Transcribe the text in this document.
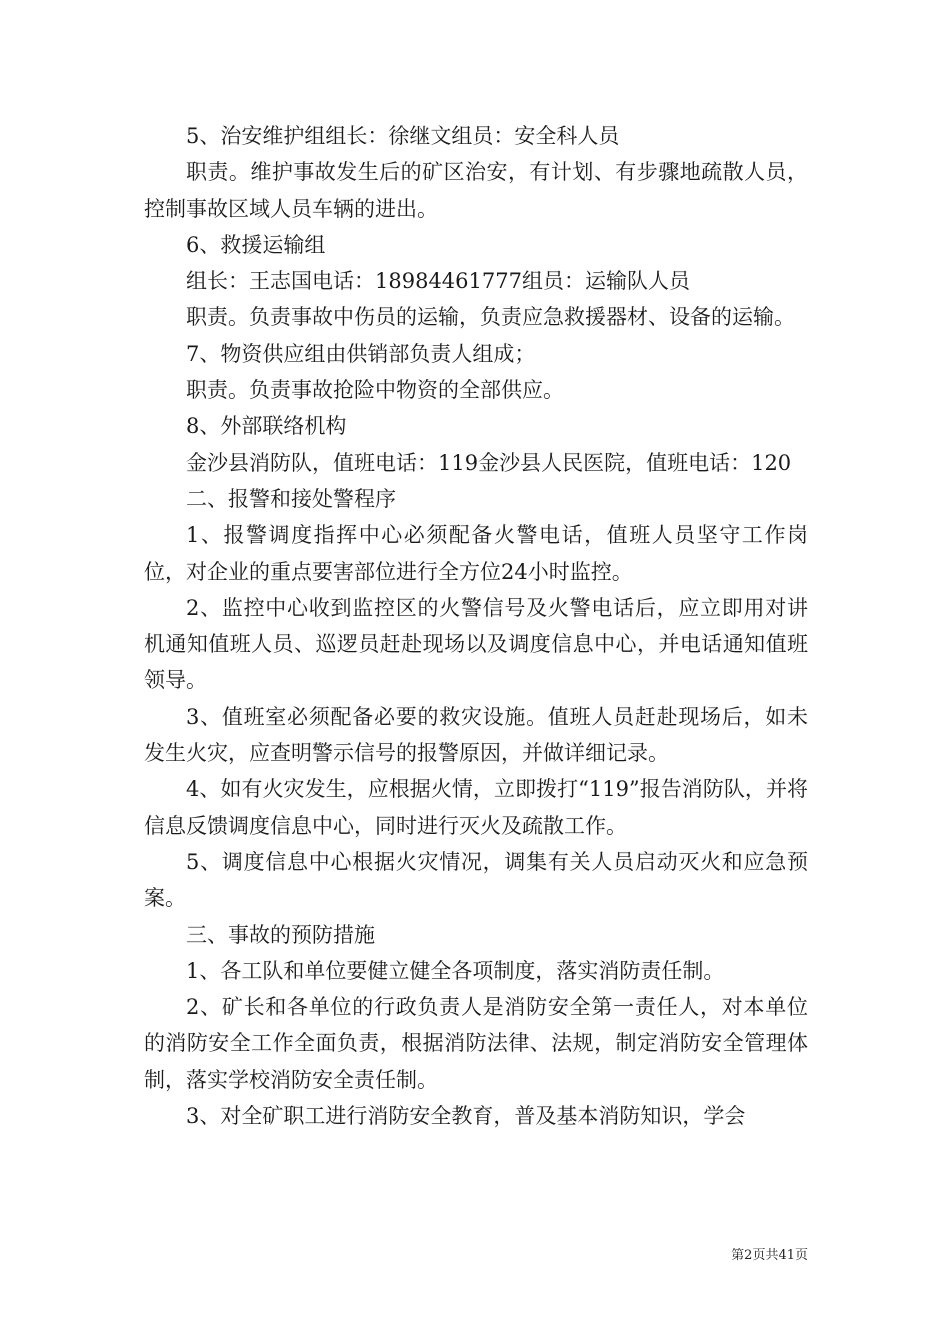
5、治安维护组组长：徐继文组员：安全科人员

职责。维护事故发生后的矿区治安，有计划、有步骤地疏散人员，控制事故区域人员车辆的进出。

6、救援运输组

组长：王志国电话：18984461777组员：运输队人员

职责。负责事故中伤员的运输，负责应急救援器材、设备的运输。

7、物资供应组由供销部负责人组成；

职责。负责事故抢险中物资的全部供应。

8、外部联络机构

金沙县消防队，值班电话：119金沙县人民医院，值班电话：120

二、报警和接处警程序

1、报警调度指挥中心必须配备火警电话，值班人员坚守工作岗位，对企业的重点要害部位进行全方位24小时监控。

2、监控中心收到监控区的火警信号及火警电话后，应立即用对讲机通知值班人员、巡逻员赶赴现场以及调度信息中心，并电话通知值班领导。

3、值班室必须配备必要的救灾设施。值班人员赶赴现场后，如未发生火灾，应查明警示信号的报警原因，并做详细记录。

4、如有火灾发生，应根据火情，立即拨打“119”报告消防队，并将信息反馈调度信息中心，同时进行灭火及疏散工作。

5、调度信息中心根据火灾情况，调集有关人员启动灭火和应急预案。

三、事故的预防措施

1、各工队和单位要健立健全各项制度，落实消防责任制。

2、矿长和各单位的行政负责人是消防安全第一责任人，对本单位的消防安全工作全面负责，根据消防法律、法规，制定消防安全管理体制，落实学校消防安全责任制。

3、对全矿职工进行消防安全教育，普及基本消防知识，学会

第2页共41页
